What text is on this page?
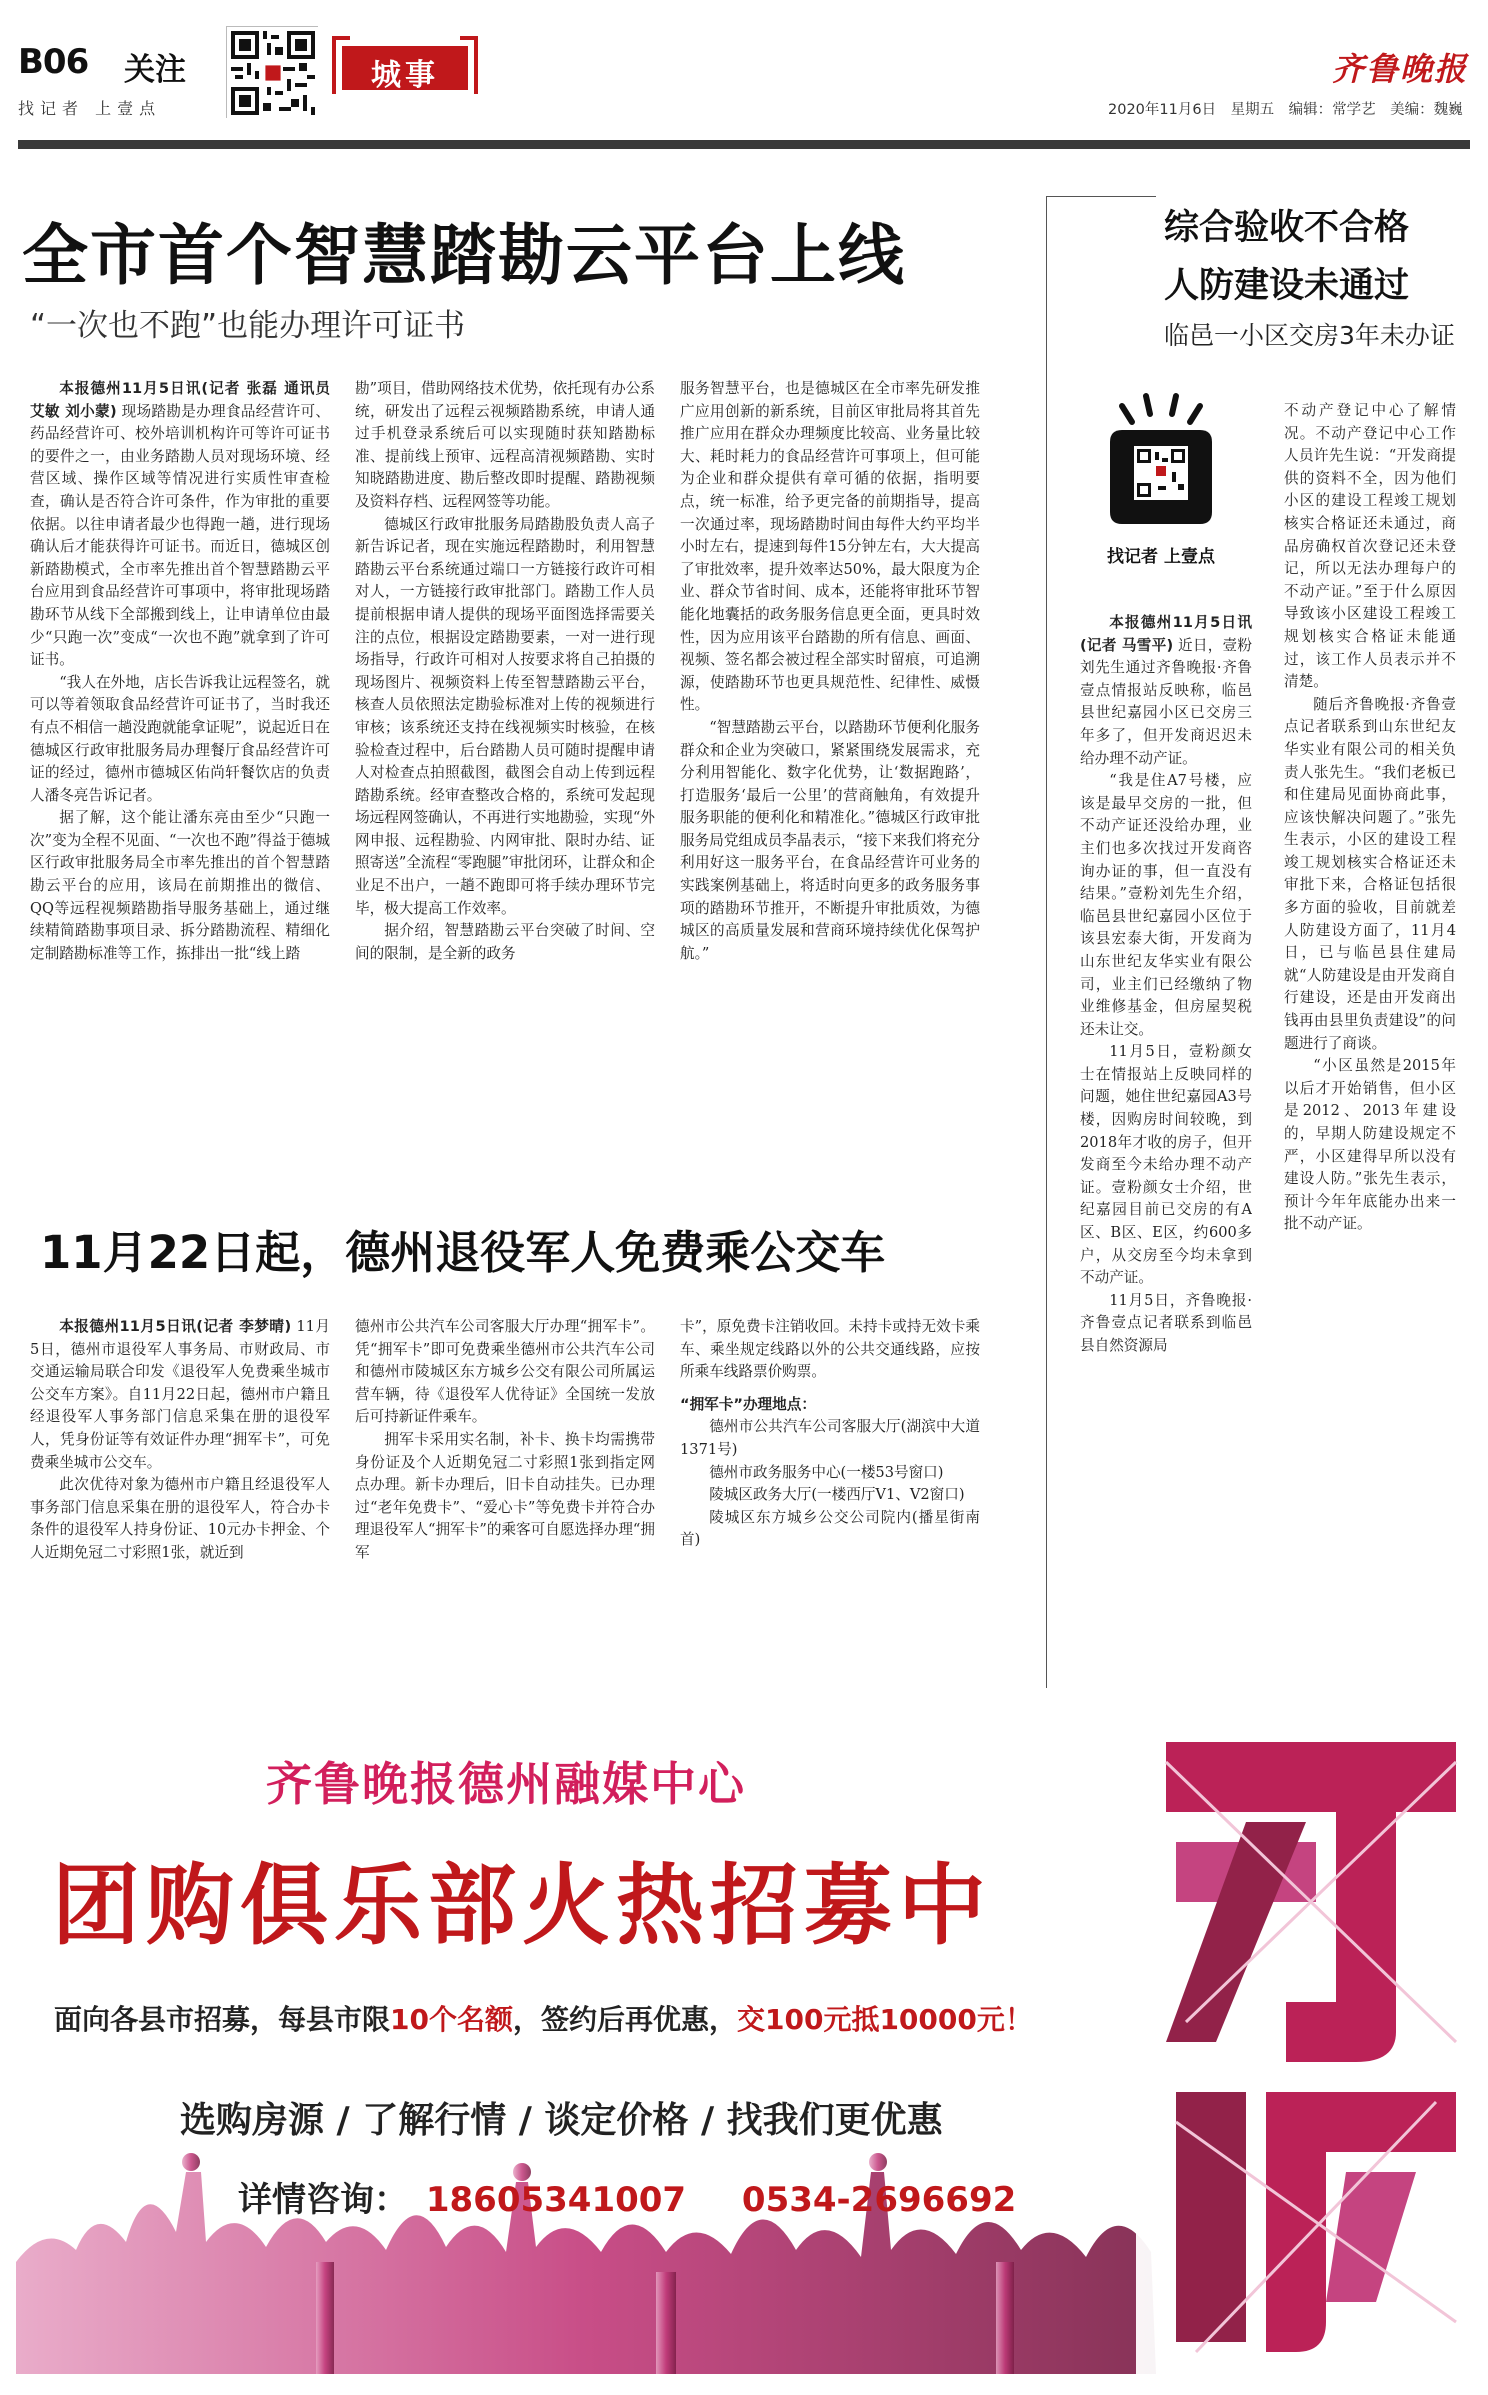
B06 关注
找记者 上壹点
城事	齐鲁晚报
2020年11月6日　星期五　编辑：常学艺　美编：魏巍
全市首个智慧踏勘云平台上线
“一次也不跑”也能办理许可证书

本报德州11月5日讯(记者 张磊 通讯员 艾敏 刘小蒙) 现场踏勘是办理食品经营许可、药品经营许可、校外培训机构许可等许可证书的要件之一，由业务踏勘人员对现场环境、经营区域、操作区域等情况进行实质性审查检查，确认是否符合许可条件，作为审批的重要依据。以往申请者最少也得跑一趟，进行现场确认后才能获得许可证书。而近日，德城区创新踏勘模式，全市率先推出首个智慧踏勘云平台应用到食品经营许可事项中，将审批现场踏勘环节从线下全部搬到线上，让申请单位由最少“只跑一次”变成“一次也不跑”就拿到了许可证书。

“我人在外地，店长告诉我让远程签名，就可以等着领取食品经营许可证书了，当时我还有点不相信一趟没跑就能拿证呢”，说起近日在德城区行政审批服务局办理餐厅食品经营许可证的经过，德州市德城区佑尚轩餐饮店的负责人潘冬亮告诉记者。

据了解，这个能让潘东亮由至少“只跑一次”变为全程不见面、“一次也不跑”得益于德城区行政审批服务局全市率先推出的首个智慧踏勘云平台的应用，该局在前期推出的微信、QQ等远程视频踏勘指导服务基础上，通过继续精简踏勘事项目录、拆分踏勘流程、精细化定制踏勘标准等工作，拣排出一批“线上踏

勘”项目，借助网络技术优势，依托现有办公系统，研发出了远程云视频踏勘系统，申请人通过手机登录系统后可以实现随时获知踏勘标准、提前线上预审、远程高清视频踏勘、实时知晓踏勘进度、勘后整改即时提醒、踏勘视频及资料存档、远程网签等功能。

德城区行政审批服务局踏勘股负责人高子新告诉记者，现在实施远程踏勘时，利用智慧踏勘云平台系统通过端口一方链接行政许可相对人，一方链接行政审批部门。踏勘工作人员提前根据申请人提供的现场平面图选择需要关注的点位，根据设定踏勘要素，一对一进行现场指导，行政许可相对人按要求将自己拍摄的现场图片、视频资料上传至智慧踏勘云平台，核查人员依照法定勘验标准对上传的视频进行审核；该系统还支持在线视频实时核验，在核验检查过程中，后台踏勘人员可随时提醒申请人对检查点拍照截图，截图会自动上传到远程踏勘系统。经审查整改合格的，系统可发起现场远程网签确认，不再进行实地勘验，实现“外网申报、远程勘验、内网审批、限时办结、证照寄送”全流程“零跑腿”审批闭环，让群众和企业足不出户，一趟不跑即可将手续办理环节完毕，极大提高工作效率。

据介绍，智慧踏勘云平台突破了时间、空间的限制，是全新的政务

服务智慧平台，也是德城区在全市率先研发推广应用创新的新系统，目前区审批局将其首先推广应用在群众办理频度比较高、业务量比较大、耗时耗力的食品经营许可事项上，但可能为企业和群众提供有章可循的依据，指明要点，统一标准，给予更完备的前期指导，提高一次通过率，现场踏勘时间由每件大约平均半小时左右，提速到每件15分钟左右，大大提高了审批效率，提升效率达50%，最大限度为企业、群众节省时间、成本，还能将审批环节智能化地囊括的政务服务信息更全面，更具时效性，因为应用该平台踏勘的所有信息、画面、视频、签名都会被过程全部实时留痕，可追溯源，使踏勘环节也更具规范性、纪律性、威慑性。

“智慧踏勘云平台，以踏勘环节便利化服务群众和企业为突破口，紧紧围绕发展需求，充分利用智能化、数字化优势，让‘数据跑路’，打造服务‘最后一公里’的营商触角，有效提升服务职能的便利化和精准化。”德城区行政审批服务局党组成员李晶表示，“接下来我们将充分利用好这一服务平台，在食品经营许可业务的实践案例基础上，将适时向更多的政务服务事项的踏勘环节推开，不断提升审批质效，为德城区的高质量发展和营商环境持续优化保驾护航。”

综合验收不合格
人防建设未通过
临邑一小区交房3年未办证
找记者 上壹点

本报德州11月5日讯(记者 马雪平) 近日，壹粉刘先生通过齐鲁晚报·齐鲁壹点情报站反映称，临邑县世纪嘉园小区已交房三年多了，但开发商迟迟未给办理不动产证。

“我是住A7号楼，应该是最早交房的一批，但不动产证还没给办理，业主们也多次找过开发商咨询办证的事，但一直没有结果。”壹粉刘先生介绍，临邑县世纪嘉园小区位于该县宏泰大街，开发商为山东世纪友华实业有限公司，业主们已经缴纳了物业维修基金，但房屋契税还未让交。

11月5日，壹粉颜女士在情报站上反映同样的问题，她住世纪嘉园A3号楼，因购房时间较晚，到2018年才收的房子，但开发商至今未给办理不动产证。壹粉颜女士介绍，世纪嘉园目前已交房的有A区、B区、E区，约600多户，从交房至今均未拿到不动产证。

11月5日，齐鲁晚报·齐鲁壹点记者联系到临邑县自然资源局

不动产登记中心了解情况。不动产登记中心工作人员许先生说：“开发商提供的资料不全，因为他们小区的建设工程竣工规划核实合格证还未通过，商品房确权首次登记还未登记，所以无法办理每户的不动产证。”至于什么原因导致该小区建设工程竣工规划核实合格证未能通过，该工作人员表示并不清楚。

随后齐鲁晚报·齐鲁壹点记者联系到山东世纪友华实业有限公司的相关负责人张先生。“我们老板已和住建局见面协商此事，应该快解决问题了。”张先生表示，小区的建设工程竣工规划核实合格证还未审批下来，合格证包括很多方面的验收，目前就差人防建设方面了，11月4日，已与临邑县住建局就“人防建设是由开发商自行建设，还是由开发商出钱再由县里负责建设”的问题进行了商谈。

“小区虽然是2015年以后才开始销售，但小区是2012、2013年建设的，早期人防建设规定不严，小区建得早所以没有建设人防。”张先生表示，预计今年年底能办出来一批不动产证。

11月22日起，德州退役军人免费乘公交车

本报德州11月5日讯(记者 李梦晴) 11月5日，德州市退役军人事务局、市财政局、市交通运输局联合印发《退役军人免费乘坐城市公交车方案》。自11月22日起，德州市户籍且经退役军人事务部门信息采集在册的退役军人，凭身份证等有效证件办理“拥军卡”，可免费乘坐城市公交车。

此次优待对象为德州市户籍且经退役军人事务部门信息采集在册的退役军人，符合办卡条件的退役军人持身份证、10元办卡押金、个人近期免冠二寸彩照1张，就近到

德州市公共汽车公司客服大厅办理“拥军卡”。凭“拥军卡”即可免费乘坐德州市公共汽车公司和德州市陵城区东方城乡公交有限公司所属运营车辆，待《退役军人优待证》全国统一发放后可持新证件乘车。

拥军卡采用实名制，补卡、换卡均需携带身份证及个人近期免冠二寸彩照1张到指定网点办理。新卡办理后，旧卡自动挂失。已办理过“老年免费卡”、“爱心卡”等免费卡并符合办理退役军人“拥军卡”的乘客可自愿选择办理“拥军

卡”，原免费卡注销收回。未持卡或持无效卡乘车、乘坐规定线路以外的公共交通线路，应按所乘车线路票价购票。

“拥军卡”办理地点：

德州市公共汽车公司客服大厅(湖滨中大道1371号)

德州市政务服务中心(一楼53号窗口)

陵城区政务大厅(一楼西厅V1、V2窗口)

陵城区东方城乡公交公司院内(播星街南首)

齐鲁晚报德州融媒中心
团购俱乐部火热招募中
面向各县市招募，每县市限10个名额，签约后再优惠，交100元抵10000元！
选购房源 / 了解行情 / 谈定价格 / 找我们更优惠
详情咨询： 18605341007 0534-2696692
